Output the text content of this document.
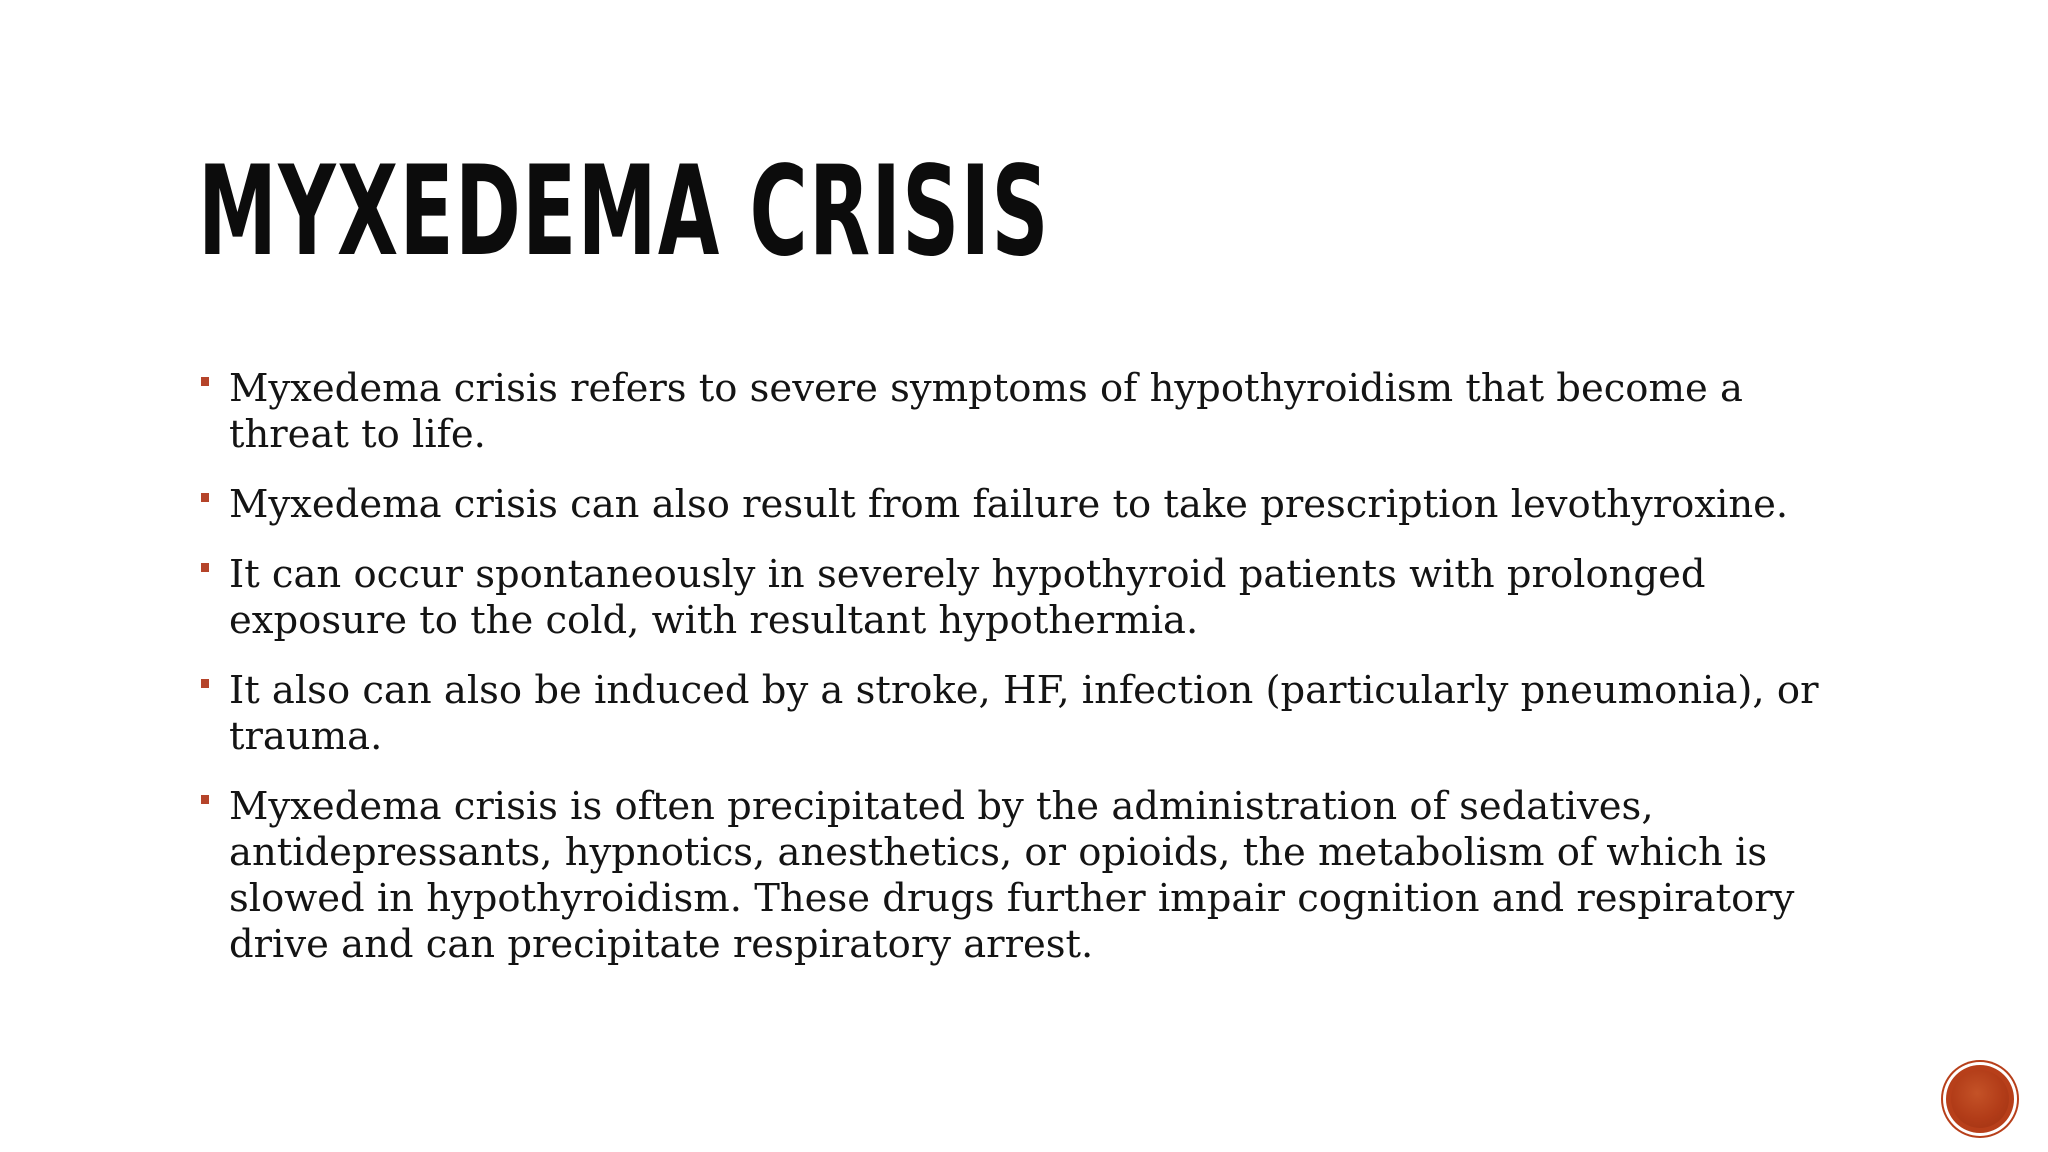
MYXEDEMA CRISIS
Myxedema crisis refers to severe symptoms of hypothyroidism that become a threat to life.
Myxedema crisis can also result from failure to take prescription levothyroxine.
It can occur spontaneously in severely hypothyroid patients with prolonged exposure to the cold, with resultant hypothermia.
It also can also be induced by a stroke, HF, infection (particularly pneumonia), or trauma.
Myxedema crisis is often precipitated by the administration of sedatives, antidepressants, hypnotics, anesthetics, or opioids, the metabolism of which is slowed in hypothyroidism. These drugs further impair cognition and respiratory drive and can precipitate respiratory arrest.
